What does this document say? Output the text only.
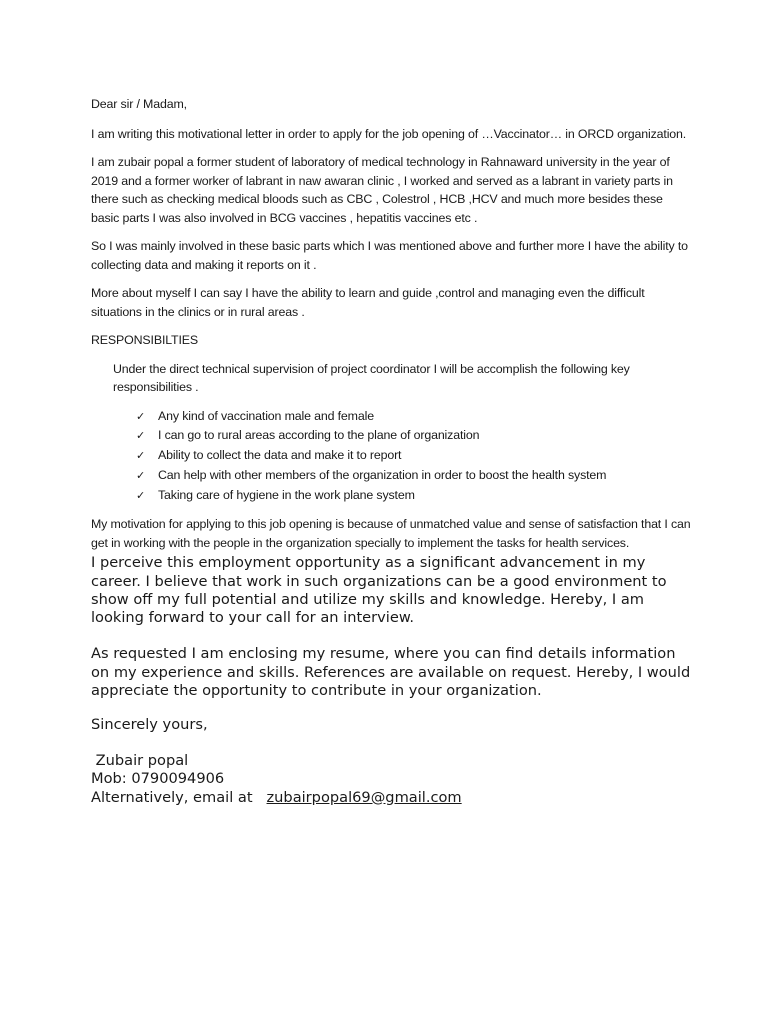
Dear sir / Madam,

I am writing this motivational letter in order to apply for the job opening of …Vaccinator… in ORCD organization.

I am zubair popal a former student of laboratory of medical technology in Rahnaward university in the year of 2019 and a former worker of labrant in naw awaran clinic , I worked and served as a labrant in variety parts in there such as checking medical bloods such as CBC , Colestrol , HCB ,HCV and much more besides these basic parts I was also involved in BCG vaccines , hepatitis vaccines etc .

So I was mainly involved in these basic parts which I was mentioned above and further more I have the ability to collecting data and making it reports on it .

More about myself I can say I have the ability to learn and guide ,control and managing even the difficult situations in the clinics or in rural areas .

RESPONSIBILTIES

Under the direct technical supervision of project coordinator I will be accomplish the following key responsibilities .

✓	Any kind of vaccination male and female
✓	I can go to rural areas according to the plane of organization
✓	Ability to collect the data and make it to report
✓	Can help with other members of the organization in order to boost the health system
✓	Taking care of hygiene in the work plane system

My motivation for applying to this job opening is because of unmatched value and sense of satisfaction that I can get in working with the people in the organization specially to implement the tasks for health services.

I perceive this employment opportunity as a significant advancement in my career. I believe that work in such organizations can be a good environment to show off my full potential and utilize my skills and knowledge. Hereby, I am looking forward to your call for an interview.

As requested I am enclosing my resume, where you can find details information on my experience and skills. References are available on request. Hereby, I would appreciate the opportunity to contribute in your organization.

Sincerely yours,

Zubair popal

Mob: 0790094906

Alternatively, email at   zubairpopal69@gmail.com
